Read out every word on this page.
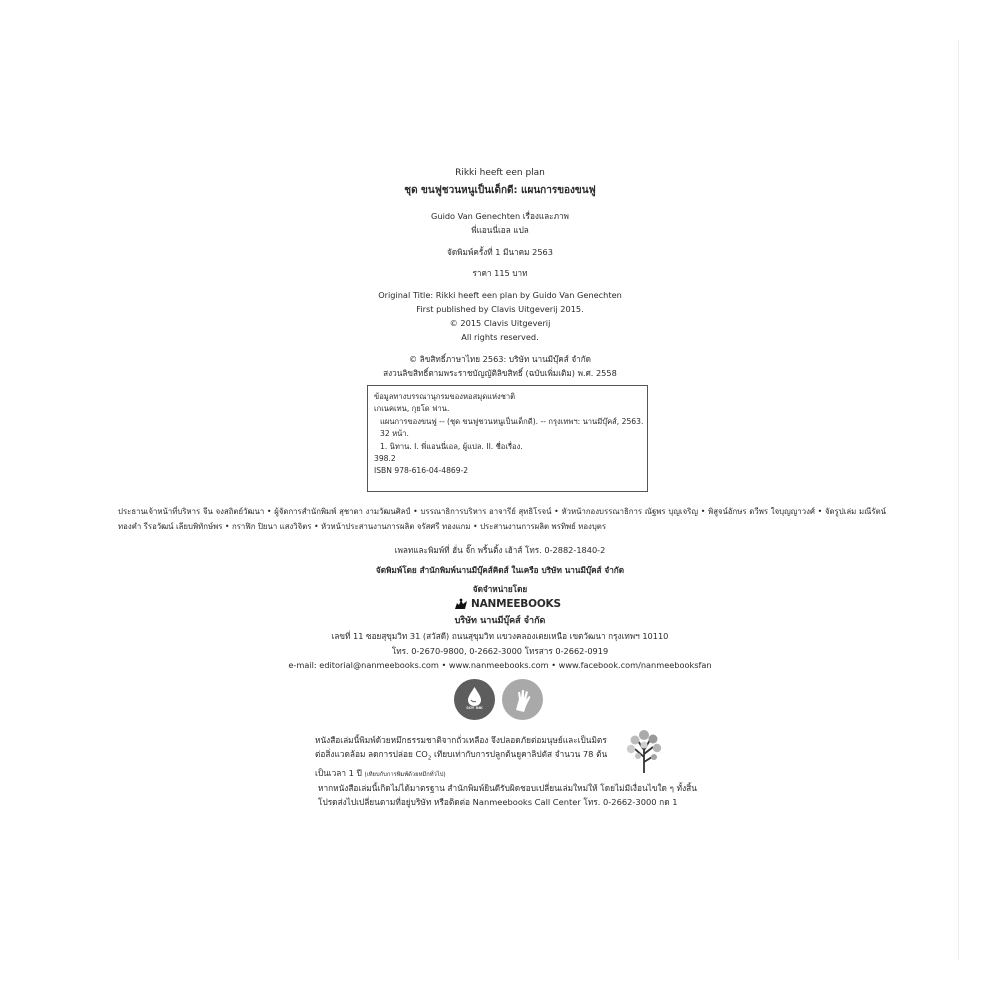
Rikki heeft een plan
ชุด ขนฟูชวนหนูเป็นเด็กดี: แผนการของขนฟู
Guido Van Genechten เรื่องและภาพ
พี่แอนนี่เอล แปล
จัดพิมพ์ครั้งที่ 1 มีนาคม 2563
ราคา 115 บาท
Original Title: Rikki heeft een plan by Guido Van Genechten
First published by Clavis Uitgeverij 2015.
© 2015 Clavis Uitgeverij
All rights reserved.
© ลิขสิทธิ์ภาษาไทย 2563: บริษัท นานมีบุ๊คส์ จำกัด
สงวนลิขสิทธิ์ตามพระราชบัญญัติลิขสิทธิ์ (ฉบับเพิ่มเติม) พ.ศ. 2558
ข้อมูลทางบรรณานุกรมของหอสมุดแห่งชาติ
เกเนคเทน, กุยโด ฟาน.
แผนการของขนฟู -- (ชุด ขนฟูชวนหนูเป็นเด็กดี). -- กรุงเทพฯ: นานมีบุ๊คส์, 2563.
32 หน้า.
1. นิทาน. I. พี่แอนนี่เอล, ผู้แปล. II. ชื่อเรื่อง.
398.2
ISBN 978-616-04-4869-2
ประธานเจ้าหน้าที่บริหาร จีน จงสถิตย์วัฒนา • ผู้จัดการสำนักพิมพ์ สุชาดา งามวัฒนศิลป์ • บรรณาธิการบริหาร อาจารีย์ สุทธิโรจน์ • หัวหน้ากองบรรณาธิการ ณัฐพร บุญเจริญ • พิสูจน์อักษร ดวีพร ใจบุญญาวงศ์ • จัดรูปเล่ม มณีรัตน์ ทองคำ รีรอวัฒน์ เลียบพิทักษ์พร • กราฟิก ปิยนา แสงวิจิตร • หัวหน้าประสานงานการผลิต จรัสศรี ทองแกม • ประสานงานการผลิต พรทิพย์ ทองบุตร
เพลทและพิมพ์ที่ ฮั่น จั๊ก พริ้นติ้ง เฮ้าส์ โทร. 0-2882-1840-2
จัดพิมพ์โดย สำนักพิมพ์นานมีบุ๊คส์คิดส์ ในเครือ บริษัท นานมีบุ๊คส์ จำกัด
จัดจำหน่ายโดย
NANMEEBOOKS
บริษัท นานมีบุ๊คส์ จำกัด
เลขที่ 11 ซอยสุขุมวิท 31 (สวัสดี) ถนนสุขุมวิท แขวงคลองเตยเหนือ เขตวัฒนา กรุงเทพฯ 10110
โทร. 0-2670-9800, 0-2662-3000 โทรสาร 0-2662-0919
e-mail: editorial@nanmeebooks.com • www.nanmeebooks.com • www.facebook.com/nanmeebooksfan
SOY INK
หนังสือเล่มนี้พิมพ์ด้วยหมึกธรรมชาติจากถั่วเหลือง จึงปลอดภัยต่อมนุษย์และเป็นมิตรต่อสิ่งแวดล้อม ลดการปล่อย $CO_2$ เทียบเท่ากับการปลูกต้นยูคาลิปตัส จำนวน 78 ต้น เป็นเวลา 1 ปี (เทียบกับการพิมพ์ด้วยหมึกทั่วไป)
หากหนังสือเล่มนี้เกิดไม่ได้มาตรฐาน สำนักพิมพ์ยินดีรับผิดชอบเปลี่ยนเล่มใหม่ให้ โดยไม่มีเงื่อนไขใด ๆ ทั้งสิ้น
โปรดส่งไปเปลี่ยนตามที่อยู่บริษัท หรือติดต่อ Nanmeebooks Call Center โทร. 0-2662-3000 กด 1
